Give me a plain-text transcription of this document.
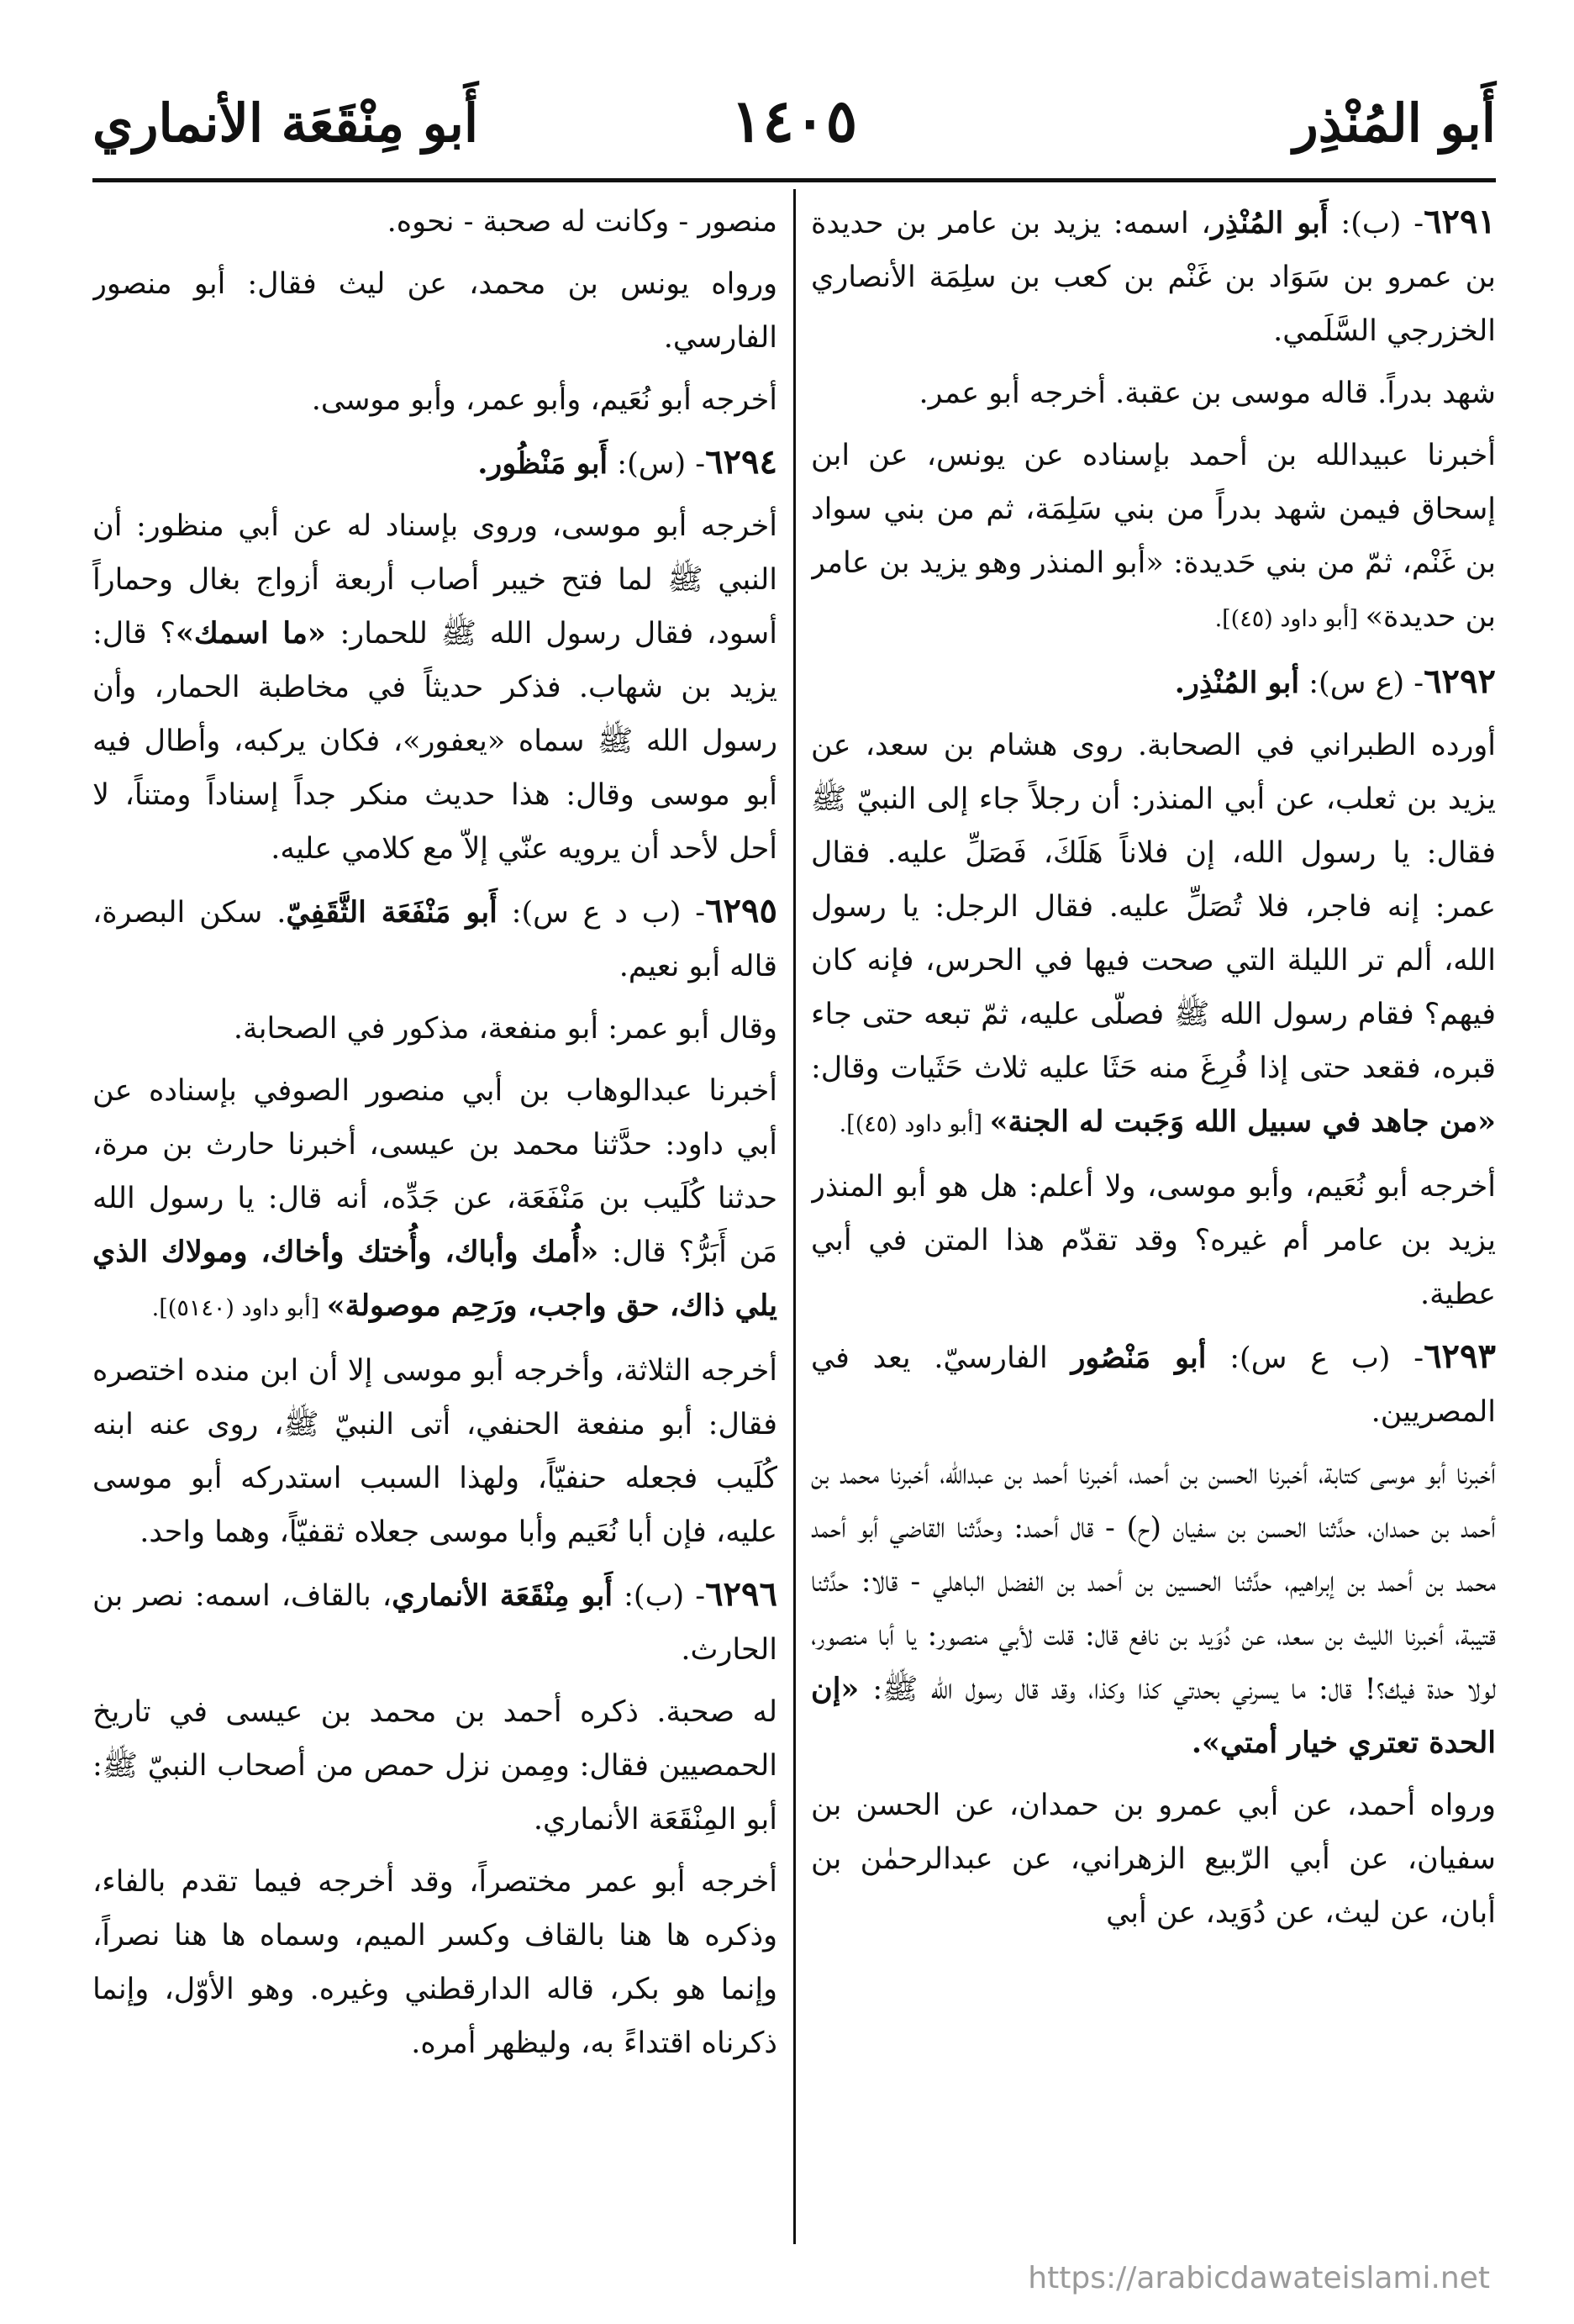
أَبو المُنْذِر
١٤٠٥
أَبو مِنْقَعَة الأنماري

٦٢٩١- (ب): أَبو المُنْذِر، اسمه: يزيد بن عامر بن حديدة بن عمرو بن سَوَاد بن غَنْم بن كعب بن سلِمَة الأنصاري الخزرجي السَّلَمي.

شهد بدراً. قاله موسى بن عقبة. أخرجه أبو عمر.

أخبرنا عبيدالله بن أحمد بإسناده عن يونس، عن ابن إسحاق فيمن شهد بدراً من بني سَلِمَة، ثم من بني سواد بن غَنْم، ثمّ من بني حَديدة: «أبو المنذر وهو يزيد بن عامر بن حديدة» [أبو داود (٤٥)].

٦٢٩٢- (ع س): أبو المُنْذِر.

أورده الطبراني في الصحابة. روى هشام بن سعد، عن يزيد بن ثعلب، عن أبي المنذر: أن رجلاً جاء إلى النبيّ ﷺ فقال: يا رسول الله، إن فلاناً هَلَكَ، فَصَلِّ عليه. فقال عمر: إنه فاجر، فلا تُصَلِّ عليه. فقال الرجل: يا رسول الله، ألم تر الليلة التي صحت فيها في الحرس، فإنه كان فيهم؟ فقام رسول الله ﷺ فصلّى عليه، ثمّ تبعه حتى جاء قبره، فقعد حتى إذا فُرِغَ منه حَثَا عليه ثلاث حَثَيات وقال: «من جاهد في سبيل الله وَجَبت له الجنة» [أبو داود (٤٥)].

أخرجه أبو نُعَيم، وأبو موسى، ولا أعلم: هل هو أبو المنذر يزيد بن عامر أم غيره؟ وقد تقدّم هذا المتن في أبي عطية.

٦٢٩٣- (ب ع س): أبو مَنْصُور الفارسيّ. يعد في المصريين.

أخبرنا أبو موسى كتابة، أخبرنا الحسن بن أحمد، أخبرنا أحمد بن عبدالله، أخبرنا محمد بن أحمد بن حمدان، حدَّثنا الحسن بن سفيان (ح) - قال أحمد: وحدَّثنا القاضي أبو أحمد محمد بن أحمد بن إبراهيم، حدَّثنا الحسين بن أحمد بن الفضل الباهلي - قالا: حدَّثنا قتيبة، أخبرنا الليث بن سعد، عن دُوَيد بن نافع قال: قلت لأبي منصور: يا أبا منصور، لولا حدة فيك؟! قال: ما يسرني بحدتي كذا وكذا، وقد قال رسول الله ﷺ: «إن الحدة تعتري خيار أمتي».

ورواه أحمد، عن أبي عمرو بن حمدان، عن الحسن بن سفيان، عن أبي الرّبيع الزهراني، عن عبدالرحمٰن بن أبان، عن ليث، عن دُوَيد، عن أبي

منصور - وكانت له صحبة - نحوه.

ورواه يونس بن محمد، عن ليث فقال: أبو منصور الفارسي.

أخرجه أبو نُعَيم، وأبو عمر، وأبو موسى.

٦٢٩٤- (س): أَبو مَنْظُور.

أخرجه أبو موسى، وروى بإسناد له عن أبي منظور: أن النبي ﷺ لما فتح خيبر أصاب أربعة أزواج بغال وحماراً أسود، فقال رسول الله ﷺ للحمار: «ما اسمك»؟ قال: يزيد بن شهاب. فذكر حديثاً في مخاطبة الحمار، وأن رسول الله ﷺ سماه «يعفور»، فكان يركبه، وأطال فيه أبو موسى وقال: هذا حديث منكر جداً إسناداً ومتناً، لا أحل لأحد أن يرويه عنّي إلاّ مع كلامي عليه.

٦٢٩٥- (ب د ع س): أَبو مَنْفَعَة الثَّقَفِيّ. سكن البصرة، قاله أبو نعيم.

وقال أبو عمر: أبو منفعة، مذكور في الصحابة.

أخبرنا عبدالوهاب بن أبي منصور الصوفي بإسناده عن أبي داود: حدَّثنا محمد بن عيسى، أخبرنا حارث بن مرة، حدثنا كُلَيب بن مَنْفَعَة، عن جَدِّه، أنه قال: يا رسول الله مَن أَبَرُّ؟ قال: «أُمك وأباك، وأُختك وأخاك، ومولاك الذي يلي ذاك، حق واجب، ورَحِم موصولة» [أبو داود (٥١٤٠)].

أخرجه الثلاثة، وأخرجه أبو موسى إلا أن ابن منده اختصره فقال: أبو منفعة الحنفي، أتى النبيّ ﷺ، روى عنه ابنه كُلَيب فجعله حنفيّاً، ولهذا السبب استدركه أبو موسى عليه، فإن أبا نُعَيم وأبا موسى جعلاه ثقفيّاً، وهما واحد.

٦٢٩٦- (ب): أَبو مِنْقَعَة الأنماري، بالقاف، اسمه: نصر بن الحارث.

له صحبة. ذكره أحمد بن محمد بن عيسى في تاريخ الحمصيين فقال: ومِمن نزل حمص من أصحاب النبيّ ﷺ: أبو المِنْقَعَة الأنماري.

أخرجه أبو عمر مختصراً، وقد أخرجه فيما تقدم بالفاء، وذكره ها هنا بالقاف وكسر الميم، وسماه ها هنا نصراً، وإنما هو بكر، قاله الدارقطني وغيره. وهو الأوّل، وإنما ذكرناه اقتداءً به، وليظهر أمره.

https://arabicdawateislami.net
